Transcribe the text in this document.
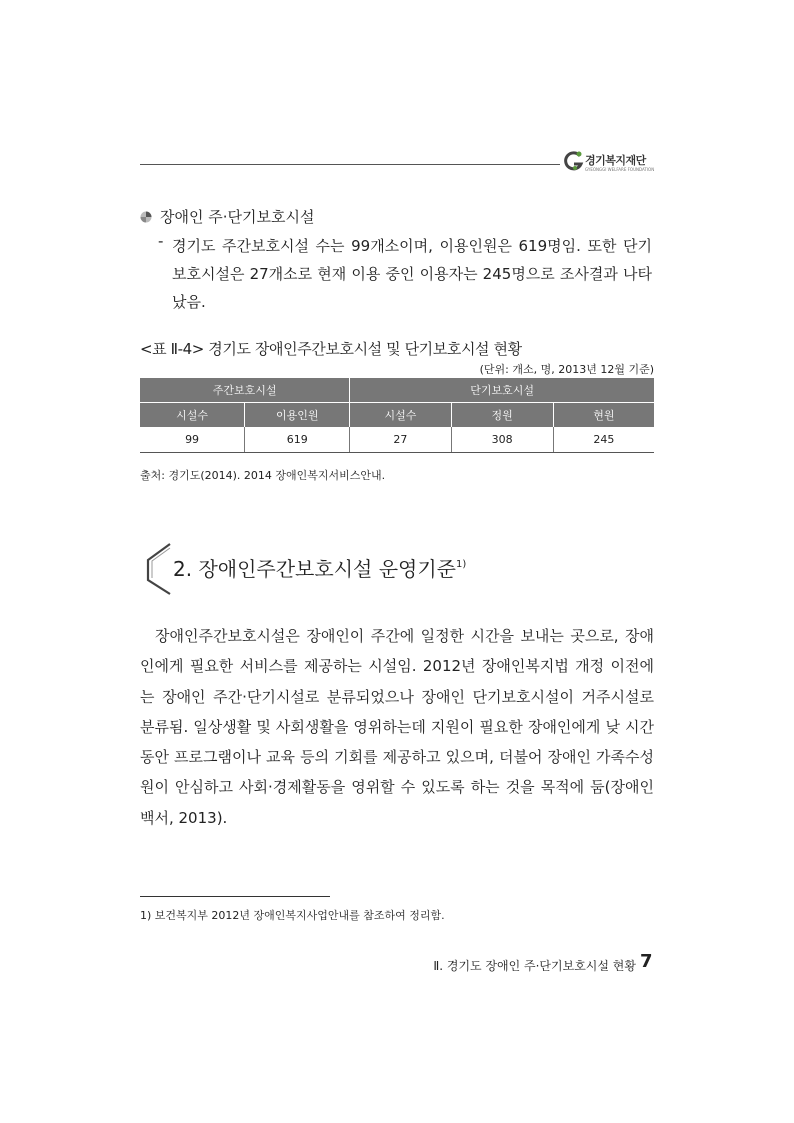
경기복지재단
GYEONGGI WELFARE FOUNDATION
장애인 주·단기보호시설
- 경기도 주간보호시설 수는 99개소이며, 이용인원은 619명임. 또한 단기보호시설은 27개소로 현재 이용 중인 이용자는 245명으로 조사결과 나타났음.
<표 Ⅱ-4> 경기도 장애인주간보호시설 및 단기보호시설 현황
(단위: 개소, 명, 2013년 12월 기준)
주간보호시설		단기보호시설		
시설수	이용인원	시설수	정원	현원
99	619	27	308	245
출처: 경기도(2014). 2014 장애인복지서비스안내.
2. 장애인주간보호시설 운영기준$^{1)}$
장애인주간보호시설은 장애인이 주간에 일정한 시간을 보내는 곳으로, 장애인에게 필요한 서비스를 제공하는 시설임. 2012년 장애인복지법 개정 이전에는 장애인 주간·단기시설로 분류되었으나 장애인 단기보호시설이 거주시설로 분류됨. 일상생활 및 사회생활을 영위하는데 지원이 필요한 장애인에게 낮 시간동안 프로그램이나 교육 등의 기회를 제공하고 있으며, 더불어 장애인 가족수성원이 안심하고 사회·경제활동을 영위할 수 있도록 하는 것을 목적에 둠(장애인백서, 2013).
1) 보건복지부 2012년 장애인복지사업안내를 참조하여 정리함.
Ⅱ. 경기도 장애인 주·단기보호시설 현황 7
